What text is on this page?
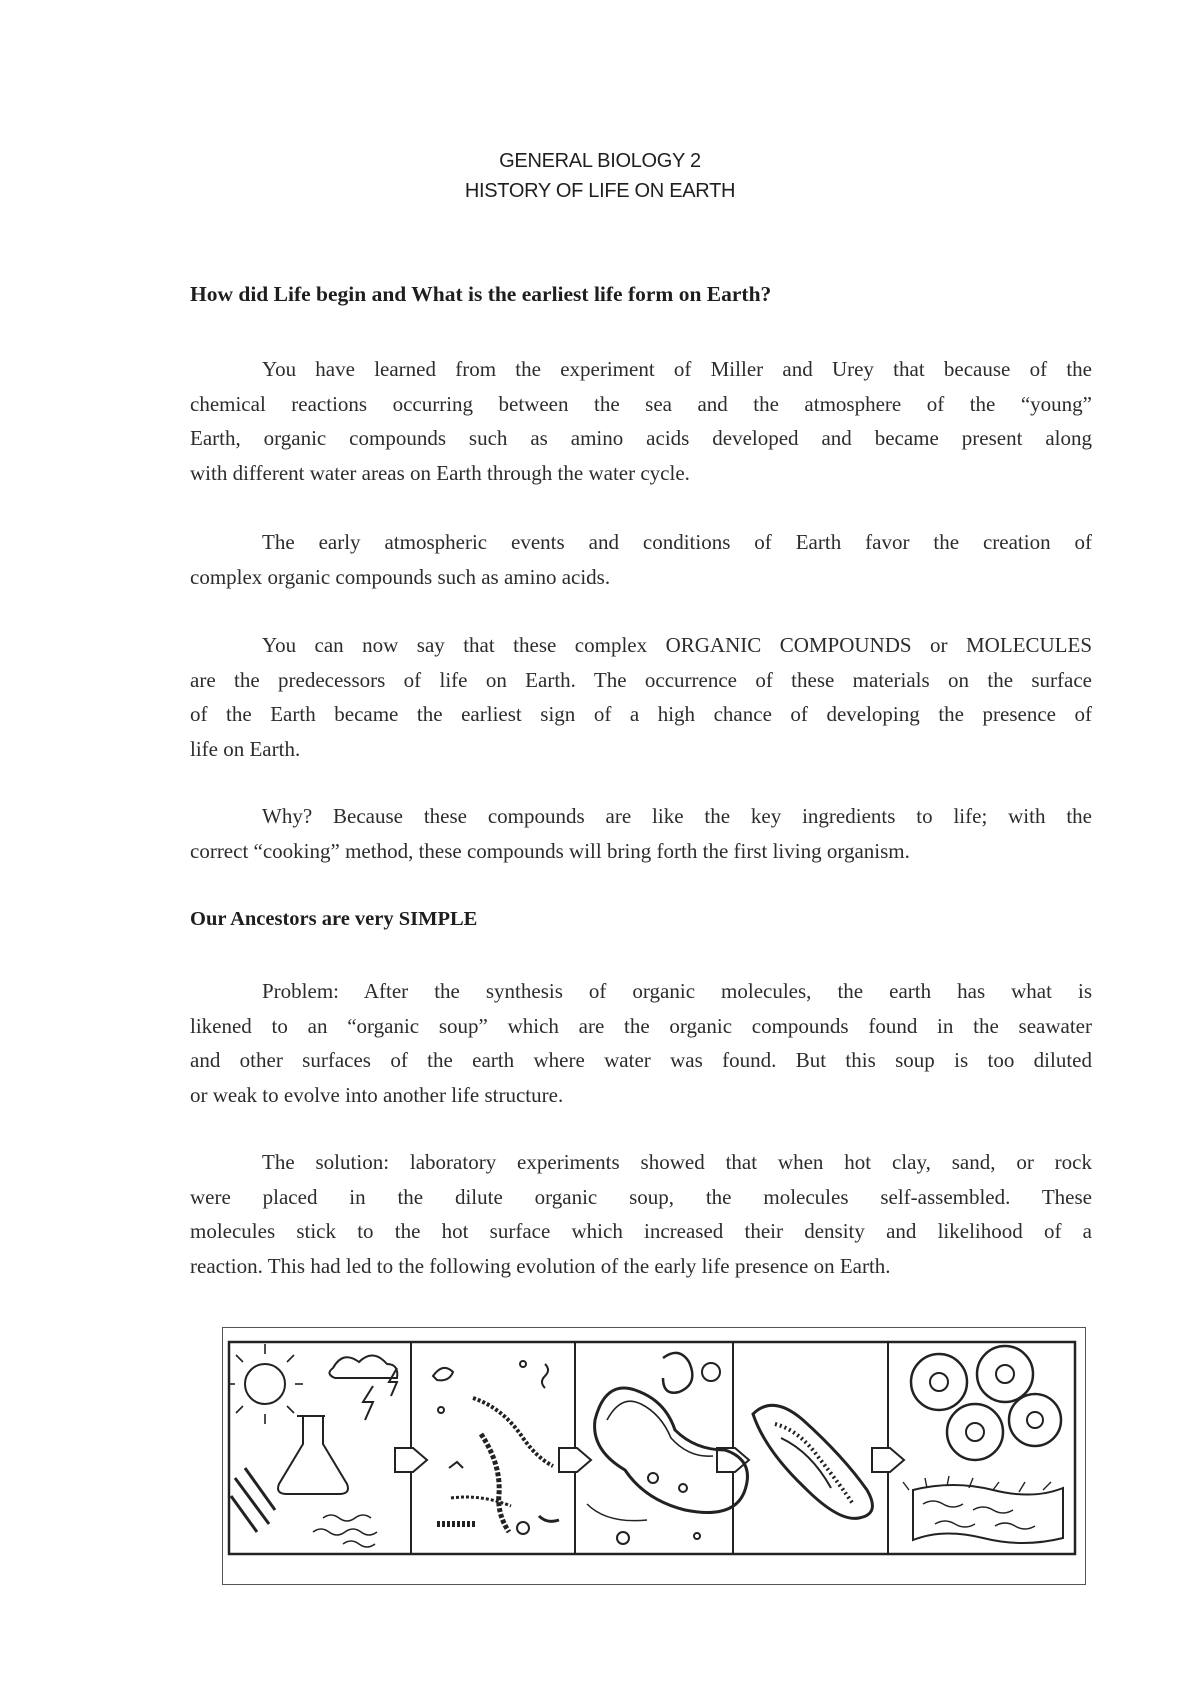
GENERAL BIOLOGY 2
HISTORY OF LIFE ON EARTH
How did Life begin and What is the earliest life form on Earth?
You have learned from the experiment of Miller and Urey that because of the
chemical reactions occurring between the sea and the atmosphere of the “young”
Earth, organic compounds such as amino acids developed and became present along
with different water areas on Earth through the water cycle.
The early atmospheric events and conditions of Earth favor the creation of
complex organic compounds such as amino acids.
You can now say that these complex ORGANIC COMPOUNDS or MOLECULES
are the predecessors of life on Earth. The occurrence of these materials on the surface
of the Earth became the earliest sign of a high chance of developing the presence of
life on Earth.
Why? Because these compounds are like the key ingredients to life; with the
correct “cooking” method, these compounds will bring forth the first living organism.
Our Ancestors are very SIMPLE
Problem: After the synthesis of organic molecules, the earth has what is
likened to an “organic soup” which are the organic compounds found in the seawater
and other surfaces of the earth where water was found. But this soup is too diluted
or weak to evolve into another life structure.
The solution: laboratory experiments showed that when hot clay, sand, or rock
were placed in the dilute organic soup, the molecules self-assembled. These
molecules stick to the hot surface which increased their density and likelihood of a
reaction. This had led to the following evolution of the early life presence on Earth.
